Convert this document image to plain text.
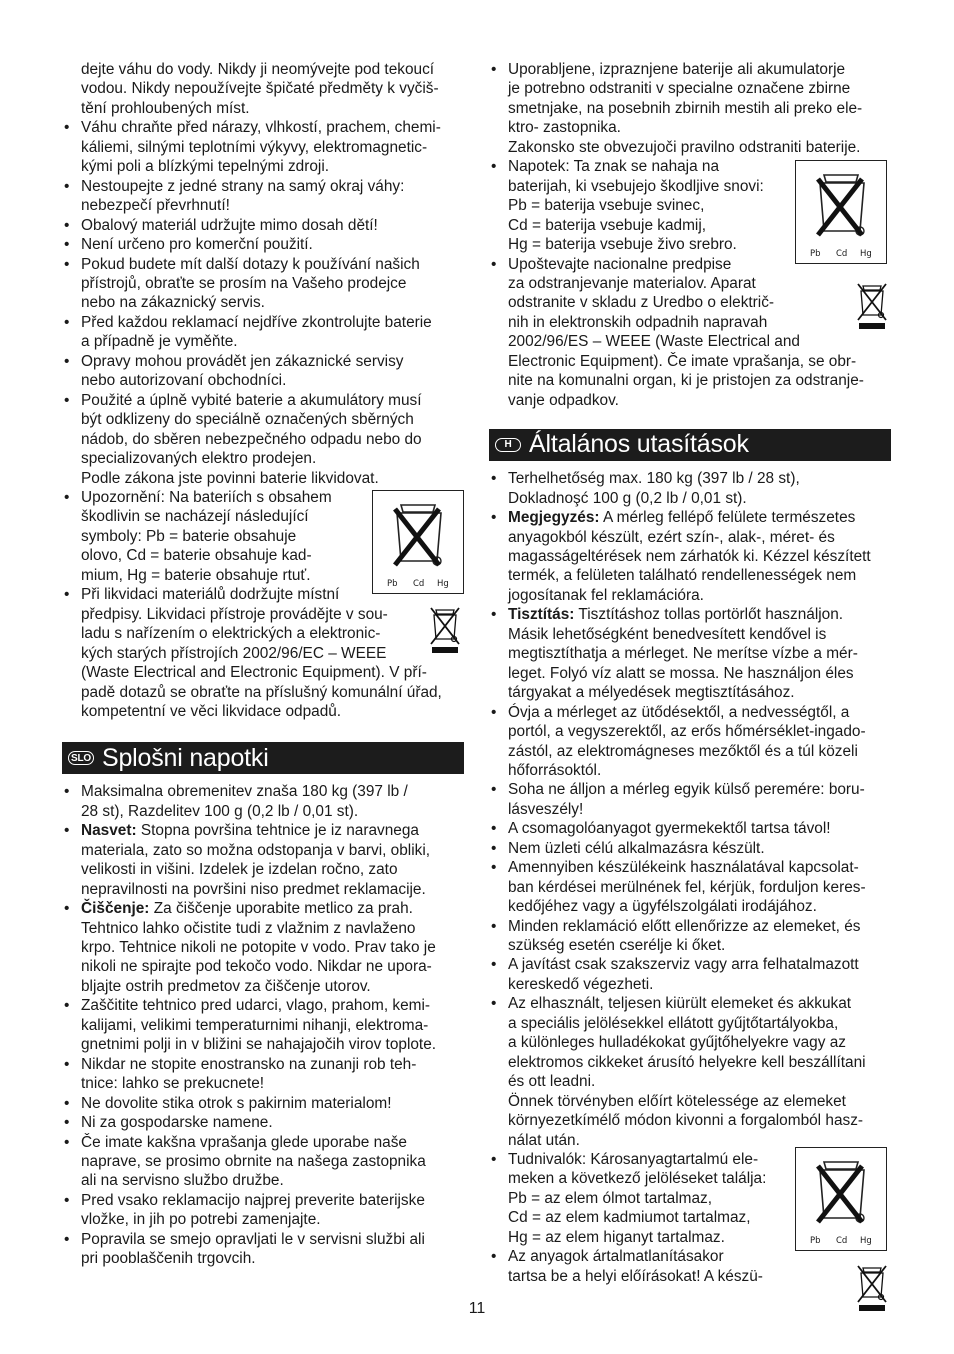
dejte váhu do vody. Nikdy ji neomývejte pod tekoucí

vodou. Nikdy nepoužívejte špičaté předměty k vyčiš-

tění prohloubených míst.

• Váhu chraňte před nárazy, vlhkostí, prachem, chemi-

káliemi, silnými teplotními výkyvy, elektromagnetic-

kými poli a blízkými tepelnými zdroji.

• Nestoupejte z jedné strany na samý okraj váhy:

nebezpečí převrhnutí!

• Obalový materiál udržujte mimo dosah dětí!

• Není určeno pro komerční použití.

• Pokud budete mít další dotazy k používání našich

přístrojů, obraťte se prosím na Vašeho prodejce

nebo na zákaznický servis.

• Před každou reklamací nejdříve zkontrolujte baterie

a případně je vyměňte.

• Opravy mohou provádět jen zákaznické servisy

nebo autorizovaní obchodníci.

• Použité a úplně vybité baterie a akumulátory musí

být odklizeny do speciálně označených sběrných

nádob, do sběren nebezpečného odpadu nebo do

specializovaných elektro prodejen.

Podle zákona jste povinni baterie likvidovat.

• Upozornění: Na bateriích s obsahem

škodlivin se nacházejí následující

symboly: Pb = baterie obsahuje

olovo, Cd = baterie obsahuje kad-

mium, Hg = baterie obsahuje rtuť.

• Při likvidaci materiálů dodržujte místní

předpisy. Likvidaci přístroje provádějte v sou-

ladu s nařízením o elektrických a elektronic-

kých starých přístrojích 2002/96/EC – WEEE

(Waste Electrical and Electronic Equipment). V pří-

padě dotazů se obraťte na příslušný komunální úřad,

kompetentní ve věci likvidace odpadů.

SLO Splošni napotki

• Maksimalna obremenitev znaša 180 kg (397 lb /

28 st), Razdelitev 100 g (0,2 lb / 0,01 st).

• Nasvet: Stopna površina tehtnice je iz naravnega

materiala, zato so možna odstopanja v barvi, obliki,

velikosti in višini. Izdelek je izdelan ročno, zato

nepravilnosti na površini niso predmet reklamacije.

• Čiščenje: Za čiščenje uporabite metlico za prah.

Tehtnico lahko očistite tudi z vlažnim z navlaženo

krpo. Tehtnice nikoli ne potopite v vodo. Prav tako je

nikoli ne spirajte pod tekočo vodo. Nikdar ne upora-

bljajte ostrih predmetov za čiščenje utorov.

• Zaščitite tehtnico pred udarci, vlago, prahom, kemi-

kalijami, velikimi temperaturnimi nihanji, elektroma-

gnetnimi polji in v bližini se nahajajočih virov toplote.

• Nikdar ne stopite enostransko na zunanji rob teh-

tnice: lahko se prekucnete!

• Ne dovolite stika otrok s pakirnim materialom!

• Ni za gospodarske namene.

• Če imate kakšna vprašanja glede uporabe naše

naprave, se prosimo obrnite na našega zastopnika

ali na servisno službo družbe.

• Pred vsako reklamacijo najprej preverite baterijske

vložke, in jih po potrebi zamenjajte.

• Popravila se smejo opravljati le v servisni službi ali

pri pooblaščenih trgovcih.

• Uporabljene, izpraznjene baterije ali akumulatorje

je potrebno odstraniti v specialne označene zbirne

smetnjake, na posebnih zbirnih mestih ali preko ele-

ktro- zastopnika.

Zakonsko ste obvezujoči pravilno odstraniti baterije.

• Napotek: Ta znak se nahaja na

baterijah, ki vsebujejo škodljive snovi:

Pb = baterija vsebuje svinec,

Cd = baterija vsebuje kadmij,

Hg = baterija vsebuje živo srebro.

• Upoštevajte nacionalne predpise

za odstranjevanje materialov. Aparat

odstranite v skladu z Uredbo o električ-

nih in elektronskih odpadnih napravah

2002/96/ES – WEEE (Waste Electrical and

Electronic Equipment). Če imate vprašanja, se obr-

nite na komunalni organ, ki je pristojen za odstranje-

vanje odpadkov.

H Általános utasítások

• Terhelhetőség max. 180 kg (397 lb / 28 st),

Dokladnoşć 100 g (0,2 lb / 0,01 st).

• Megjegyzés: A mérleg fellépő felülete természetes

anyagokból készült, ezért szín-, alak-, méret- és

magasságeltérések nem zárhatók ki. Kézzel készített

termék, a felületen található rendellenességek nem

jogosítanak fel reklamációra.

• Tisztítás: Tisztításhoz tollas portörlőt használjon.

Másik lehetőségként benedvesített kendővel is

megtisztíthatja a mérleget. Ne merítse vízbe a mér-

leget. Folyó víz alatt se mossa. Ne használjon éles

tárgyakat a mélyedések megtisztításához.

• Óvja a mérleget az ütődésektől, a nedvességtől, a

portól, a vegyszerektől, az erős hőmérséklet-ingado-

zástól, az elektromágneses mezőktől és a túl közeli

hőforrásoktól.

• Soha ne álljon a mérleg egyik külső peremére: boru-

lásveszély!

• A csomagolóanyagot gyermekektől tartsa távol!

• Nem üzleti célú alkalmazásra készült.

• Amennyiben készülékeink használatával kapcsolat-

ban kérdései merülnének fel, kérjük, forduljon keres-

kedőjéhez vagy a ügyfélszolgálati irodájához.

• Minden reklamáció előtt ellenőrizze az elemeket, és

szükség esetén cserélje ki őket.

• A javítást csak szakszerviz vagy arra felhatalmazott

kereskedő végezheti.

• Az elhasznált, teljesen kiürült elemeket és akkukat

a speciális jelölésekkel ellátott gyűjtőtartályokba,

a különleges hulladékokat gyűjtőhelyekre vagy az

elektromos cikkeket árusító helyekre kell beszállítani

és ott leadni.

Önnek törvényben előírt kötelessége az elemeket

környezetkímélő módon kivonni a forgalomból hasz-

nálat után.

• Tudnivalók: Károsanyagtartalmú ele-

meken a következő jelöléseket találja:

Pb = az elem ólmot tartalmaz,

Cd = az elem kadmiumot tartalmaz,

Hg = az elem higanyt tartalmaz.

• Az anyagok ártalmatlanításakor

tartsa be a helyi előírásokat! A készü-

Pb Cd Hg
Pb Cd Hg
Pb Cd Hg
11
